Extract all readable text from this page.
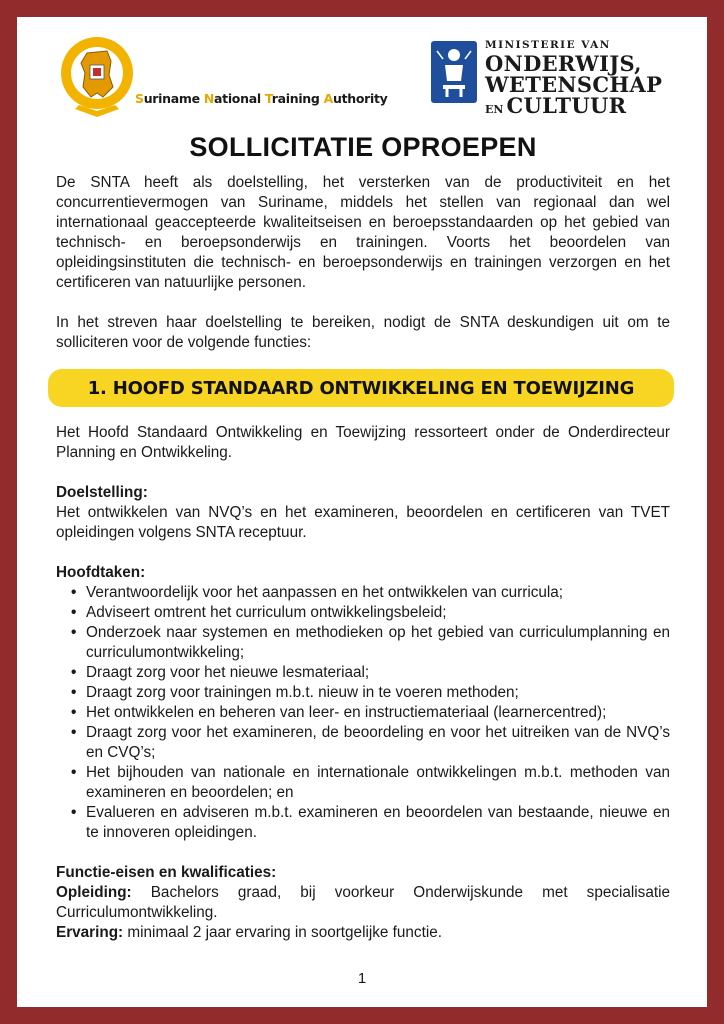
Suriname National Training Authority
MINISTERIE VAN
ONDERWIJS,
WETENSCHAP
EN CULTUUR
SOLLICITATIE OPROEPEN

De SNTA heeft als doelstelling, het versterken van de productiviteit en het concurrentievermogen van Suriname, middels het stellen van regionaal dan wel internationaal geaccepteerde kwaliteitseisen en beroepsstandaarden op het gebied van technisch- en beroepsonderwijs en trainingen. Voorts het beoordelen van opleidingsinstituten die technisch- en beroepsonderwijs en trainingen verzorgen en het certificeren van natuurlijke personen.

In het streven haar doelstelling te bereiken, nodigt de SNTA deskundigen uit om te solliciteren voor de volgende functies:

1. HOOFD STANDAARD ONTWIKKELING EN TOEWIJZING

Het Hoofd Standaard Ontwikkeling en Toewijzing ressorteert onder de Onderdirecteur Planning en Ontwikkeling.

Doelstelling:

Het ontwikkelen van NVQ’s en het examineren, beoordelen en certificeren van TVET opleidingen volgens SNTA receptuur.

Hoofdtaken:

• Verantwoordelijk voor het aanpassen en het ontwikkelen van curricula;
• Adviseert omtrent het curriculum ontwikkelingsbeleid;
• Onderzoek naar systemen en methodieken op het gebied van curriculumplanning en curriculumontwikkeling;
• Draagt zorg voor het nieuwe lesmateriaal;
• Draagt zorg voor trainingen m.b.t. nieuw in te voeren methoden;
• Het ontwikkelen en beheren van leer- en instructiemateriaal (learnercentred);
• Draagt zorg voor het examineren, de beoordeling en voor het uitreiken van de NVQ’s en CVQ’s;
• Het bijhouden van nationale en internationale ontwikkelingen m.b.t. methoden van examineren en beoordelen; en
• Evalueren en adviseren m.b.t. examineren en beoordelen van bestaande, nieuwe en te innoveren opleidingen.

Functie-eisen en kwalificaties:

Opleiding: Bachelors graad, bij voorkeur Onderwijskunde met specialisatie Curriculumontwikkeling.

Ervaring: minimaal 2 jaar ervaring in soortgelijke functie.

1
